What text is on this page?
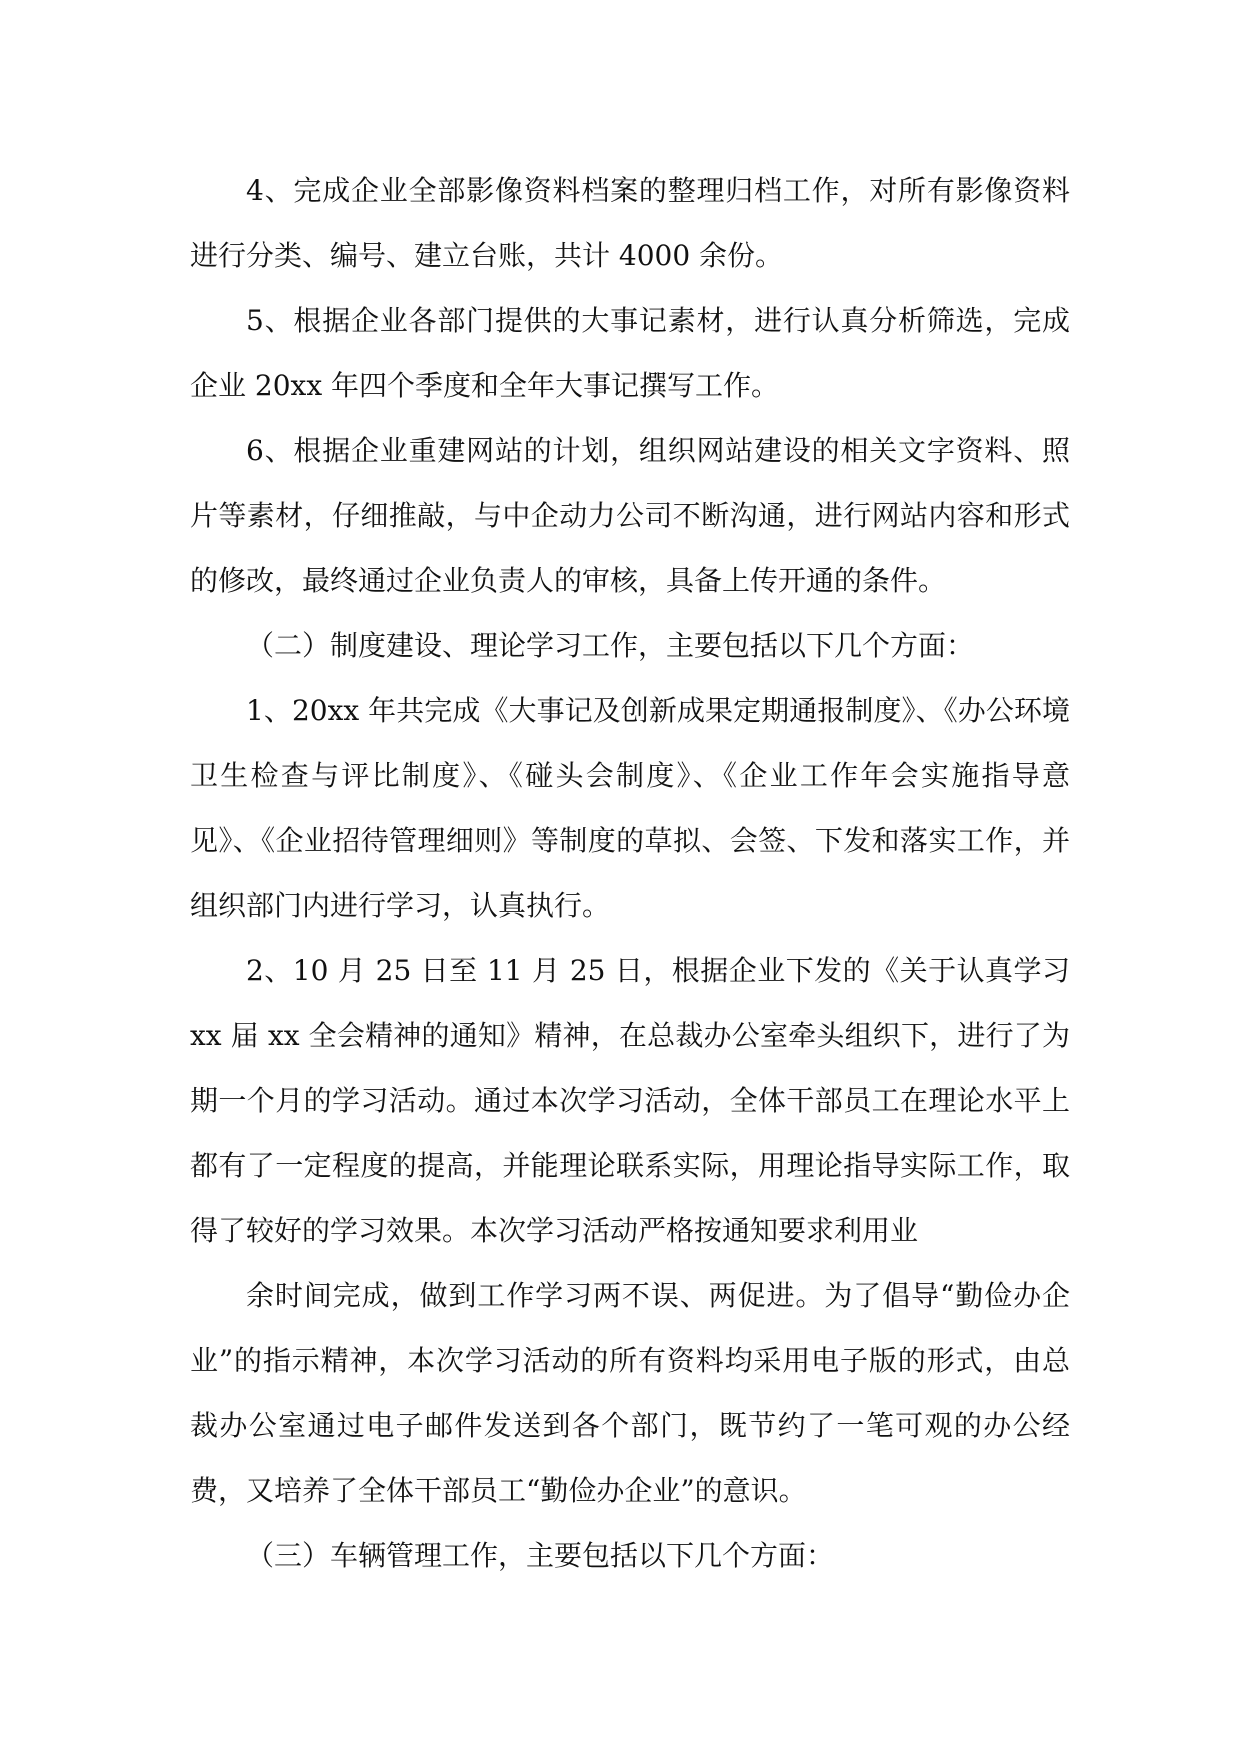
4、完成企业全部影像资料档案的整理归档工作，对所有影像资料进行分类、编号、建立台账，共计 4000 余份。

5、根据企业各部门提供的大事记素材，进行认真分析筛选，完成企业 20xx 年四个季度和全年大事记撰写工作。

6、根据企业重建网站的计划，组织网站建设的相关文字资料、照片等素材，仔细推敲，与中企动力公司不断沟通，进行网站内容和形式的修改，最终通过企业负责人的审核，具备上传开通的条件。

（二）制度建设、理论学习工作，主要包括以下几个方面：

1、20xx 年共完成《大事记及创新成果定期通报制度》、《办公环境卫生检查与评比制度》、《碰头会制度》、《企业工作年会实施指导意见》、《企业招待管理细则》等制度的草拟、会签、下发和落实工作，并组织部门内进行学习，认真执行。

2、10 月 25 日至 11 月 25 日，根据企业下发的《关于认真学习 xx 届 xx 全会精神的通知》精神，在总裁办公室牵头组织下，进行了为期一个月的学习活动。通过本次学习活动，全体干部员工在理论水平上都有了一定程度的提高，并能理论联系实际，用理论指导实际工作，取得了较好的学习效果。本次学习活动严格按通知要求利用业

余时间完成，做到工作学习两不误、两促进。为了倡导“勤俭办企业”的指示精神，本次学习活动的所有资料均采用电子版的形式，由总裁办公室通过电子邮件发送到各个部门，既节约了一笔可观的办公经费，又培养了全体干部员工“勤俭办企业”的意识。

（三）车辆管理工作，主要包括以下几个方面：
